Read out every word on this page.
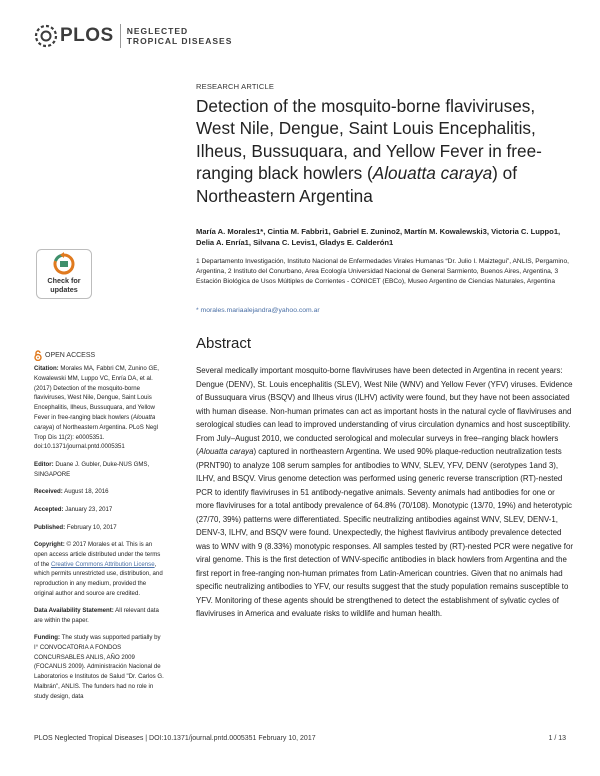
PLOS NEGLECTED
TROPICAL DISEASES
RESEARCH ARTICLE
Detection of the mosquito-borne flaviviruses, West Nile, Dengue, Saint Louis Encephalitis, Ilheus, Bussuquara, and Yellow Fever in free-ranging black howlers (Alouatta caraya) of Northeastern Argentina
María A. Morales1*, Cintia M. Fabbri1, Gabriel E. Zunino2, Martín M. Kowalewski3, Victoria C. Luppo1, Delia A. Enría1, Silvana C. Levis1, Gladys E. Calderón1
1 Departamento Investigación, Instituto Nacional de Enfermedades Virales Humanas “Dr. Julio I. Maiztegui”, ANLIS, Pergamino, Argentina, 2 Instituto del Conurbano, Area Ecología Universidad Nacional de General Sarmiento, Buenos Aires, Argentina, 3 Estación Biológica de Usos Múltiples de Corrientes - CONICET (EBCo), Museo Argentino de Ciencias Naturales, Argentina
* morales.mariaalejandra@yahoo.com.ar
Abstract
Several medically important mosquito-borne flaviviruses have been detected in Argentina in recent years: Dengue (DENV), St. Louis encephalitis (SLEV), West Nile (WNV) and Yellow Fever (YFV) viruses. Evidence of Bussuquara virus (BSQV) and Ilheus virus (ILHV) activity were found, but they have not been associated with human disease. Non-human primates can act as important hosts in the natural cycle of flaviviruses and serological studies can lead to improved understanding of virus circulation dynamics and host susceptibility. From July–August 2010, we conducted serological and molecular surveys in free–ranging black howlers (Alouatta caraya) captured in northeastern Argentina. We used 90% plaque-reduction neutralization tests (PRNT90) to analyze 108 serum samples for antibodies to WNV, SLEV, YFV, DENV (serotypes 1and 3), ILHV, and BSQV. Virus genome detection was performed using generic reverse transcription (RT)-nested PCR to identify flaviviruses in 51 antibody-negative animals. Seventy animals had antibodies for one or more flaviviruses for a total antibody prevalence of 64.8% (70/108). Monotypic (13/70, 19%) and heterotypic (27/70, 39%) patterns were differentiated. Specific neutralizing antibodies against WNV, SLEV, DENV-1, DENV-3, ILHV, and BSQV were found. Unexpectedly, the highest flavivirus antibody prevalence detected was to WNV with 9 (8.33%) monotypic responses. All samples tested by (RT)-nested PCR were negative for viral genome. This is the first detection of WNV-specific antibodies in black howlers from Argentina and the first report in free-ranging non-human primates from Latin-American countries. Given that no animals had specific neutralizing antibodies to YFV, our results suggest that the study population remains susceptible to YFV. Monitoring of these agents should be strengthened to detect the establishment of sylvatic cycles of flaviviruses in America and evaluate risks to wildlife and human health.
Check for
updates
OPEN ACCESS
Citation: Morales MA, Fabbri CM, Zunino GE, Kowalewski MM, Luppo VC, Enría DA, et al. (2017) Detection of the mosquito-borne flaviviruses, West Nile, Dengue, Saint Louis Encephalitis, Ilheus, Bussuquara, and Yellow Fever in free-ranging black howlers (Alouatta caraya) of Northeastern Argentina. PLoS Negl Trop Dis 11(2): e0005351. doi:10.1371/journal.pntd.0005351
Editor: Duane J. Gubler, Duke-NUS GMS, SINGAPORE
Received: August 18, 2016
Accepted: January 23, 2017
Published: February 10, 2017
Copyright: © 2017 Morales et al. This is an open access article distributed under the terms of the Creative Commons Attribution License, which permits unrestricted use, distribution, and reproduction in any medium, provided the original author and source are credited.
Data Availability Statement: All relevant data are within the paper.
Funding: The study was supported partially by I° CONVOCATORIA A FONDOS CONCURSABLES ANLIS, AÑO 2009 (FOCANLIS 2009). Administración Nacional de Laboratorios e Institutos de Salud "Dr. Carlos G. Malbrán", ANLIS. The funders had no role in study design, data
PLOS Neglected Tropical Diseases | DOI:10.1371/journal.pntd.0005351 February 10, 2017	1 / 13
